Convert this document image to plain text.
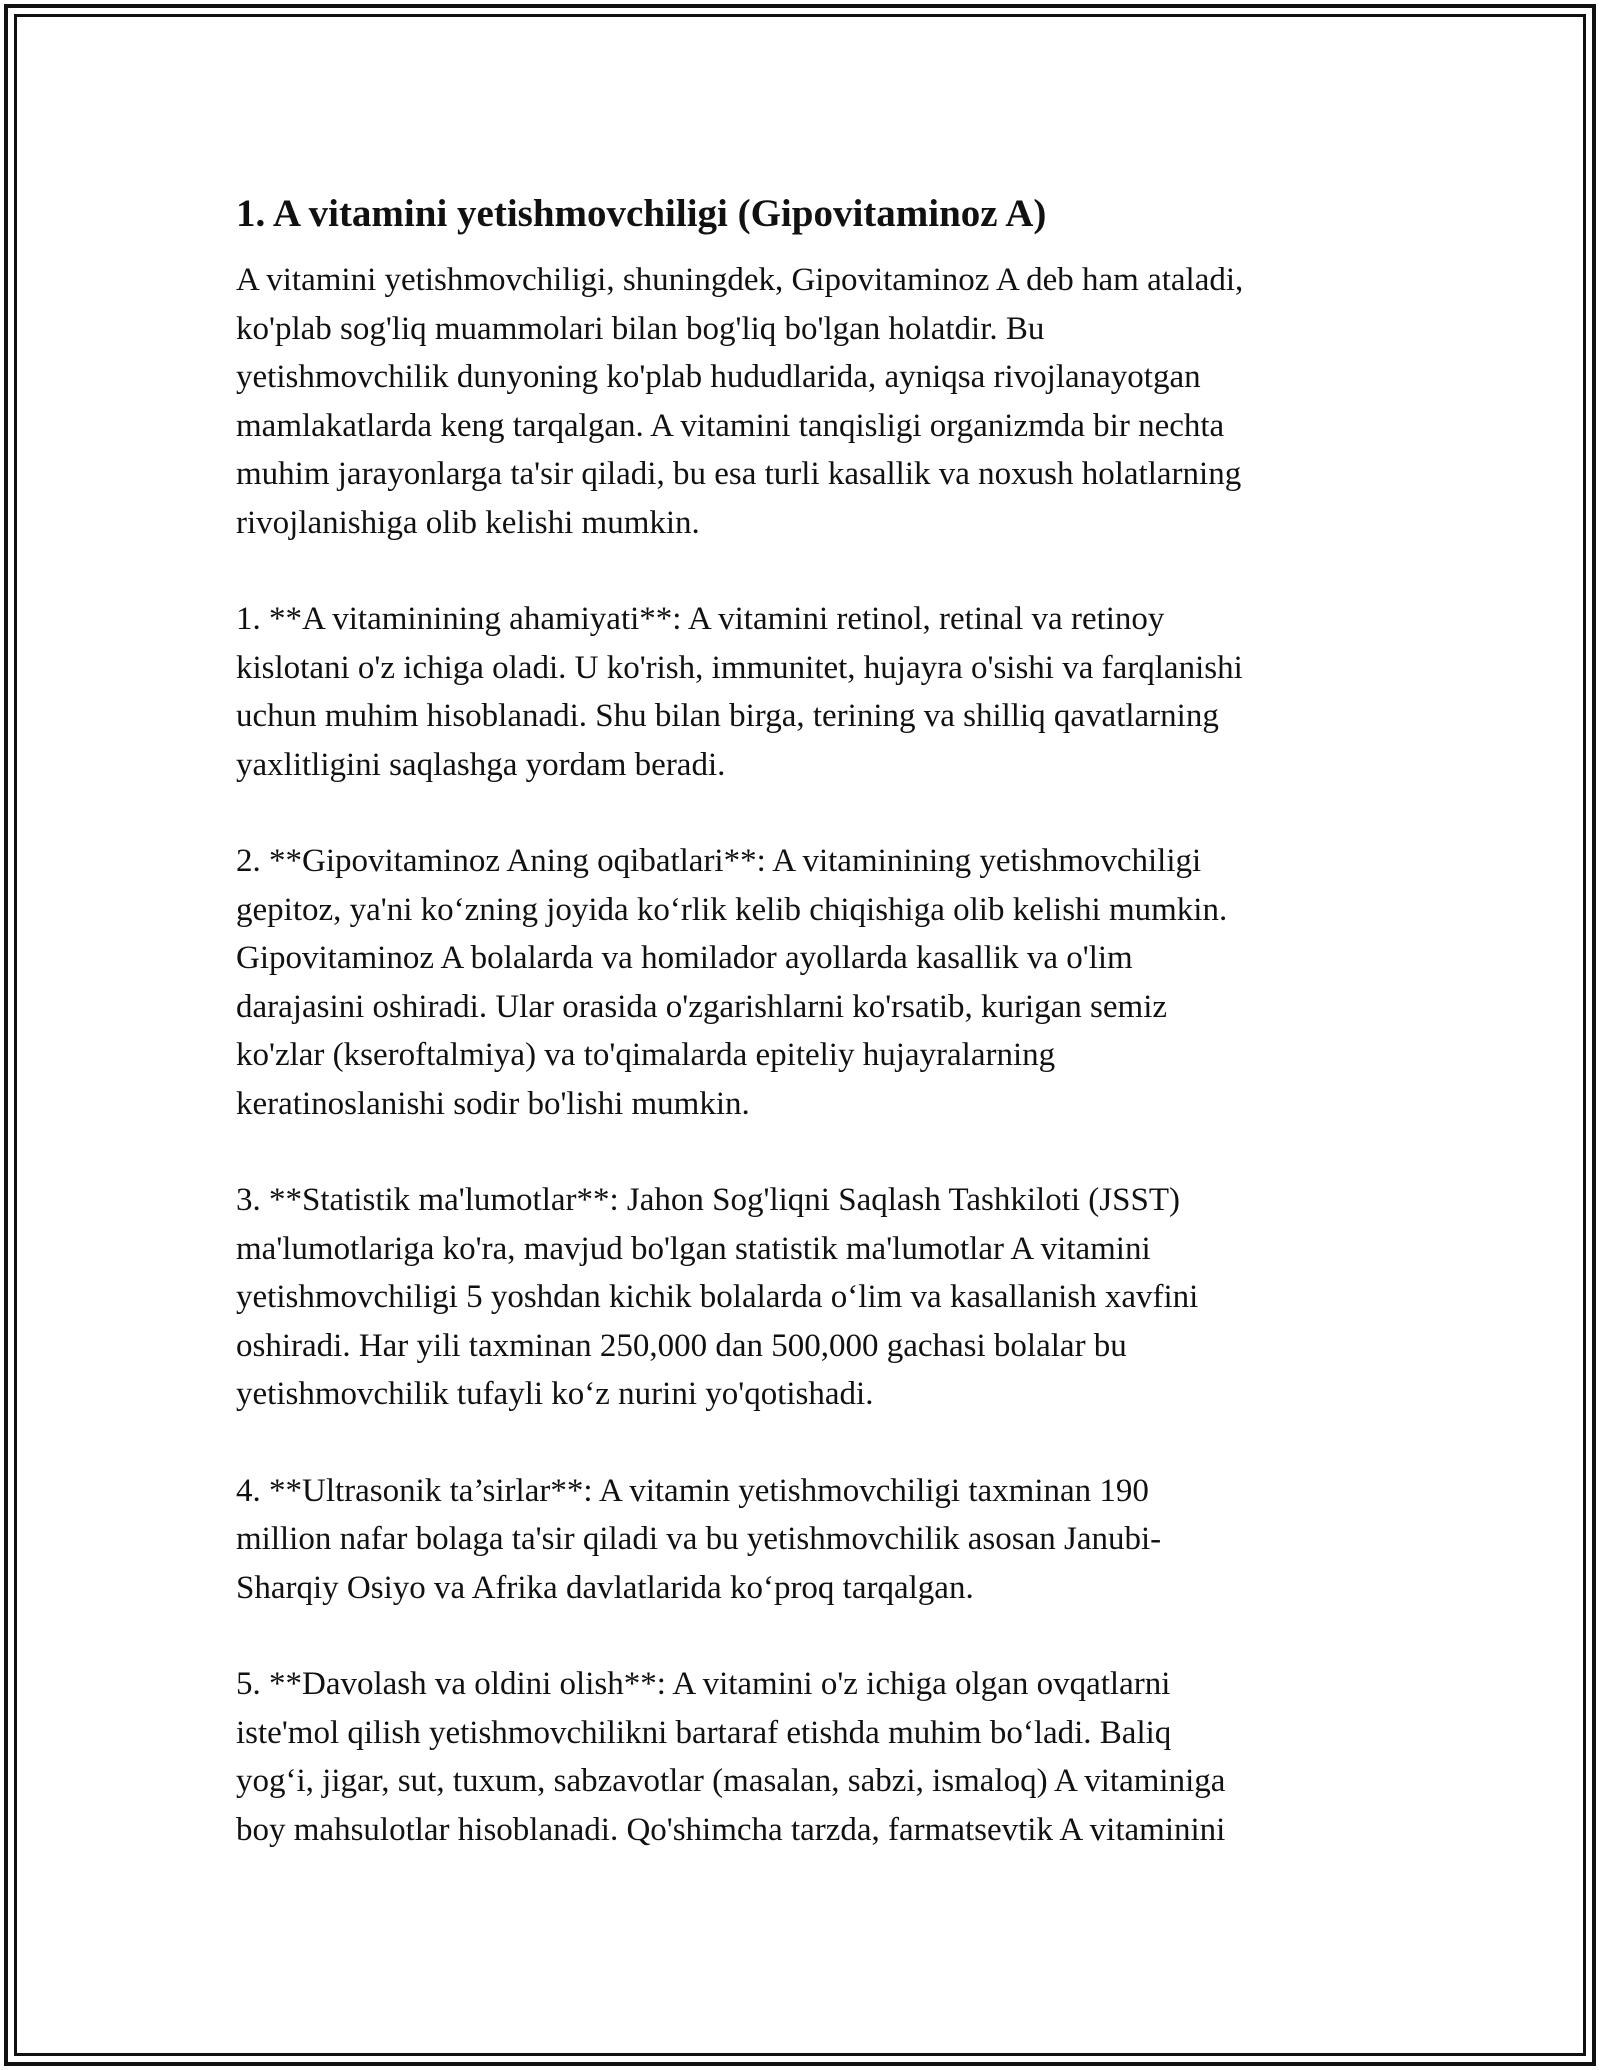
1. A vitamini yetishmovchiligi (Gipovitaminoz A)

A vitamini yetishmovchiligi, shuningdek, Gipovitaminoz A deb ham ataladi,
ko'plab sog'liq muammolari bilan bog'liq bo'lgan holatdir. Bu
yetishmovchilik dunyoning ko'plab hududlarida, ayniqsa rivojlanayotgan
mamlakatlarda keng tarqalgan. A vitamini tanqisligi organizmda bir nechta
muhim jarayonlarga ta'sir qiladi, bu esa turli kasallik va noxush holatlarning
rivojlanishiga olib kelishi mumkin.

1. **A vitaminining ahamiyati**: A vitamini retinol, retinal va retinoy
kislotani o'z ichiga oladi. U ko'rish, immunitet, hujayra o'sishi va farqlanishi
uchun muhim hisoblanadi. Shu bilan birga, terining va shilliq qavatlarning
yaxlitligini saqlashga yordam beradi.

2. **Gipovitaminoz Aning oqibatlari**: A vitaminining yetishmovchiligi
gepitoz, ya'ni koʻzning joyida koʻrlik kelib chiqishiga olib kelishi mumkin.
Gipovitaminoz A bolalarda va homilador ayollarda kasallik va o'lim
darajasini oshiradi. Ular orasida o'zgarishlarni ko'rsatib, kurigan semiz
ko'zlar (kseroftalmiya) va to'qimalarda epiteliy hujayralarning
keratinoslanishi sodir bo'lishi mumkin.

3. **Statistik ma'lumotlar**: Jahon Sog'liqni Saqlash Tashkiloti (JSST)
ma'lumotlariga ko'ra, mavjud bo'lgan statistik ma'lumotlar A vitamini
yetishmovchiligi 5 yoshdan kichik bolalarda oʻlim va kasallanish xavfini
oshiradi. Har yili taxminan 250,000 dan 500,000 gachasi bolalar bu
yetishmovchilik tufayli koʻz nurini yo'qotishadi.

4. **Ultrasonik ta’sirlar**: A vitamin yetishmovchiligi taxminan 190
million nafar bolaga ta'sir qiladi va bu yetishmovchilik asosan Janubi-
Sharqiy Osiyo va Afrika davlatlarida koʻproq tarqalgan.

5. **Davolash va oldini olish**: A vitamini o'z ichiga olgan ovqatlarni
iste'mol qilish yetishmovchilikni bartaraf etishda muhim boʻladi. Baliq
yogʻi, jigar, sut, tuxum, sabzavotlar (masalan, sabzi, ismaloq) A vitaminiga
boy mahsulotlar hisoblanadi. Qo'shimcha tarzda, farmatsevtik A vitaminini
